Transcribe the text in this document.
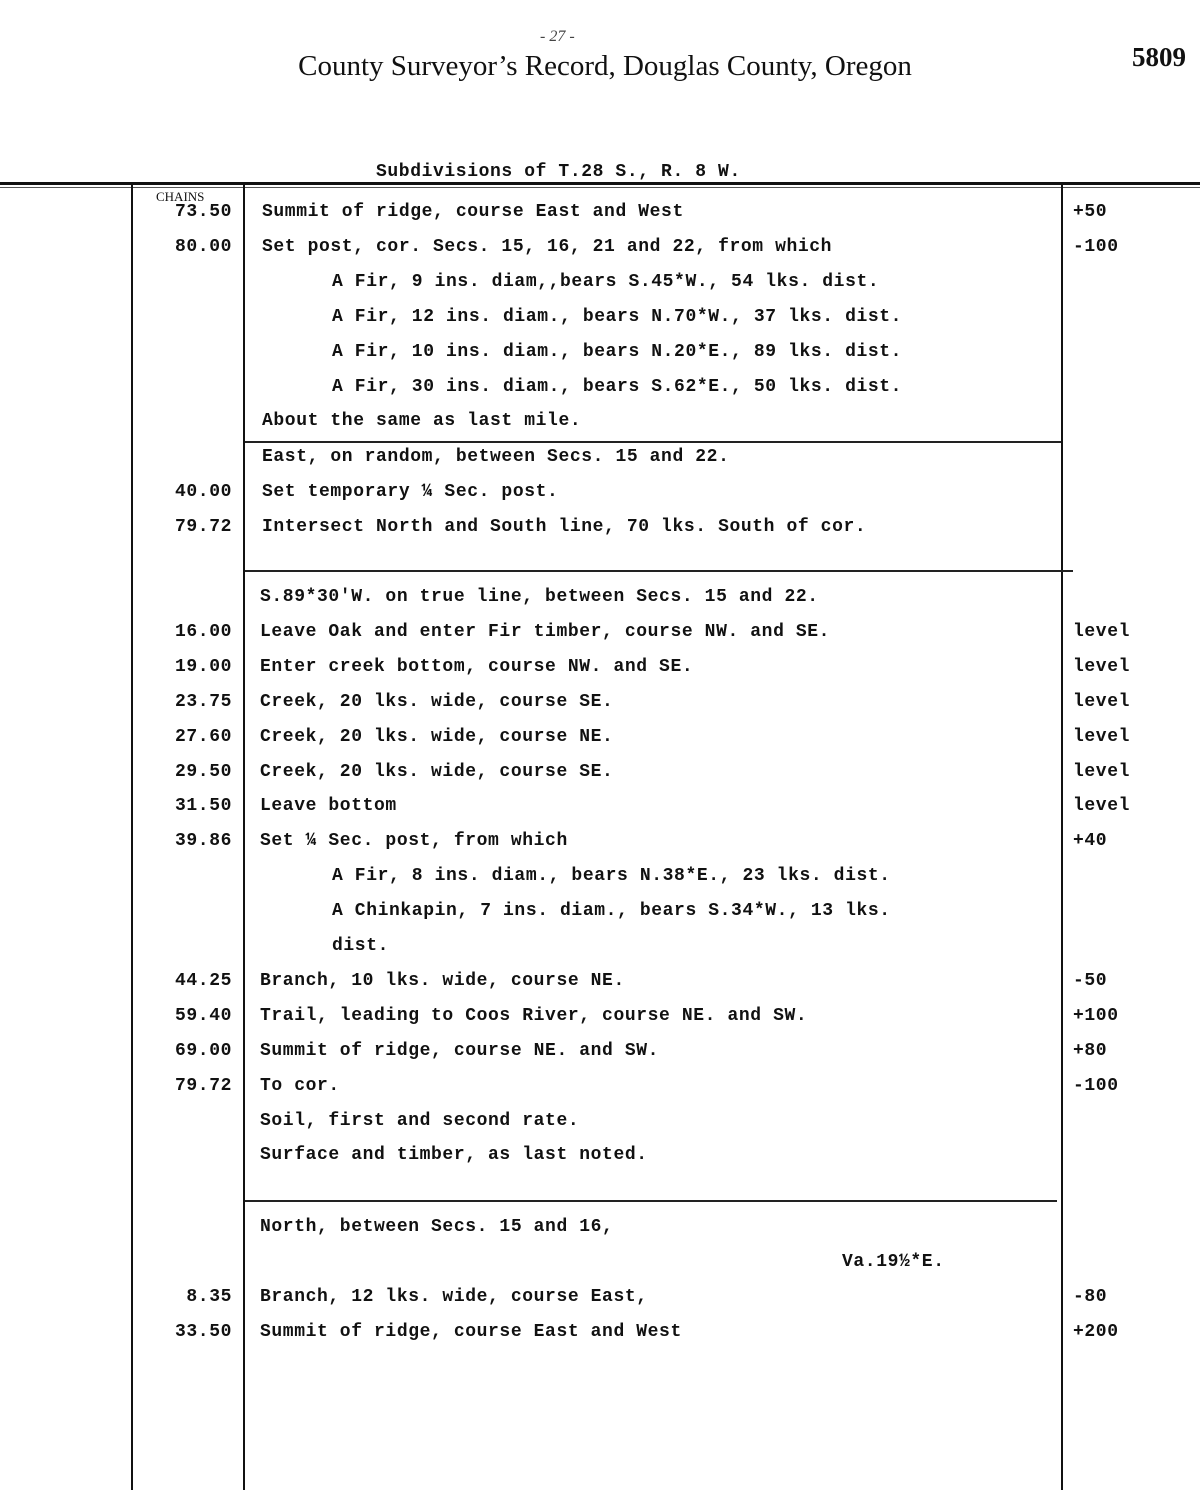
- 27 -
County Surveyor’s Record, Douglas County, Oregon	5809
Subdivisions of T.28 S., R. 8 W.
CHAINS
73.50 Summit of ridge, course East and West	+50
80.00 Set post, cor. Secs. 15, 16, 21 and 22, from which	-100
A Fir, 9 ins. diam,,bears S.45*W., 54 lks. dist.
A Fir, 12 ins. diam., bears N.70*W., 37 lks. dist.
A Fir, 10 ins. diam., bears N.20*E., 89 lks. dist.
A Fir, 30 ins. diam., bears S.62*E., 50 lks. dist.
About the same as last mile.
East, on random, between Secs. 15 and 22.
40.00 Set temporary ¼ Sec. post.
79.72 Intersect North and South line, 70 lks. South of cor.
S.89*30'W. on true line, between Secs. 15 and 22.
16.00 Leave Oak and enter Fir timber, course NW. and SE.	level
19.00 Enter creek bottom, course NW. and SE.	level
23.75 Creek, 20 lks. wide, course SE.	level
27.60 Creek, 20 lks. wide, course NE.	level
29.50 Creek, 20 lks. wide, course SE.	level
31.50 Leave bottom	level
39.86 Set ¼ Sec. post, from which	+40
A Fir, 8 ins. diam., bears N.38*E., 23 lks. dist.
A Chinkapin, 7 ins. diam., bears S.34*W., 13 lks.
dist.
44.25 Branch, 10 lks. wide, course NE.	-50
59.40 Trail, leading to Coos River, course NE. and SW.	+100
69.00 Summit of ridge, course NE. and SW.	+80
79.72 To cor.	-100
Soil, first and second rate.
Surface and timber, as last noted.
North, between Secs. 15 and 16,
Va.19½*E.
8.35 Branch, 12 lks. wide, course East,	-80
33.50 Summit of ridge, course East and West	+200
